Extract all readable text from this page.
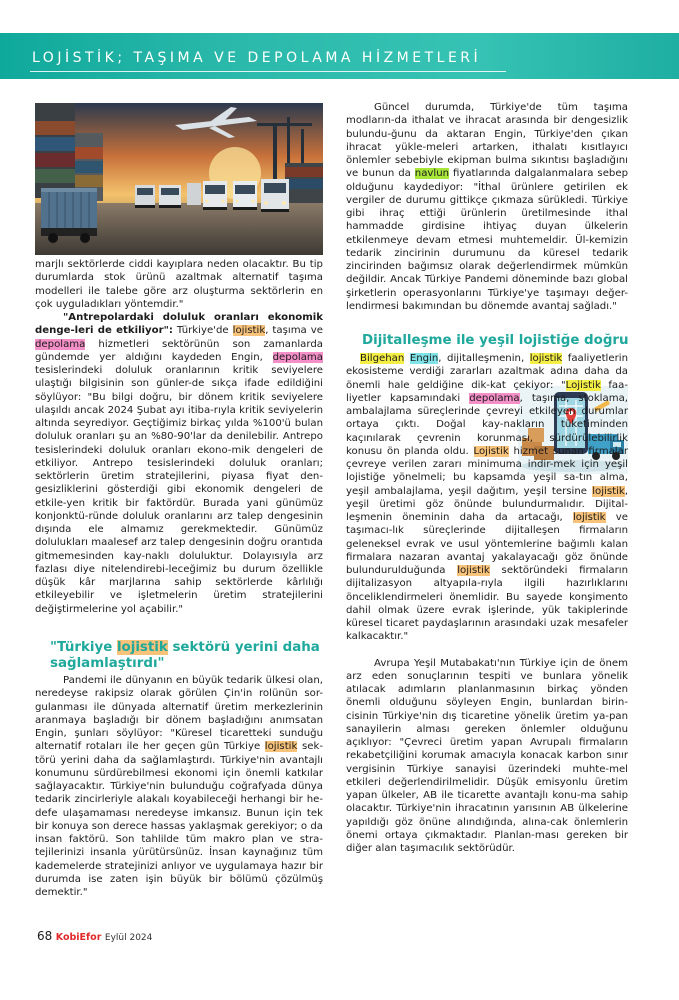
LOJİSTİK; TAŞIMA VE DEPOLAMA HİZMETLERİ

marjlı sektörlerde ciddi kayıplara neden olacaktır. Bu tip durumlarda stok ürünü azaltmak alternatif taşıma modelleri ile talebe göre arz oluşturma sektörlerin en çok uyguladıkları yöntemdir."

"Antrepolardaki doluluk oranları ekonomik denge-leri de etkiliyor": Türkiye'de lojistik, taşıma ve depolama hizmetleri sektörünün son zamanlarda gündemde yer aldığını kaydeden Engin, depolama tesislerindeki doluluk oranlarının kritik seviyelere ulaştığı bilgisinin son günler-de sıkça ifade edildiğini söylüyor: "Bu bilgi doğru, bir dönem kritik seviyelere ulaşıldı ancak 2024 Şubat ayı itiba-rıyla kritik seviyelerin altında seyrediyor. Geçtiğimiz birkaç yılda %100'ü bulan doluluk oranları şu an %80-90'lar da denilebilir. Antrepo tesislerindeki doluluk oranları ekono-mik dengeleri de etkiliyor. Antrepo tesislerindeki doluluk oranları; sektörlerin üretim stratejilerini, piyasa fiyat den-gesizliklerini gösterdiği gibi ekonomik dengeleri de etkile-yen kritik bir faktördür. Burada yani günümüz konjonktü-ründe doluluk oranlarını arz talep dengesinin dışında ele almamız gerekmektedir. Günümüz dolulukları maalesef arz talep dengesinin doğru orantıda gitmemesinden kay-naklı doluluktur. Dolayısıyla arz fazlası diye nitelendirebi-leceğimiz bu durum özellikle düşük kâr marjlarına sahip sektörlerde kârlılığı etkileyebilir ve işletmelerin üretim stratejilerini değiştirmelerine yol açabilir."

"Türkiye lojistik sektörü yerini daha sağlamlaştırdı"

Pandemi ile dünyanın en büyük tedarik ülkesi olan, neredeyse rakipsiz olarak görülen Çin'in rolünün sor-gulanması ile dünyada alternatif üretim merkezlerinin aranmaya başladığı bir dönem başladığını anımsatan Engin, şunları söylüyor: "Küresel ticaretteki sunduğu alternatif rotaları ile her geçen gün Türkiye lojistik sek-törü yerini daha da sağlamlaştırdı. Türkiye'nin avantajlı konumunu sürdürebilmesi ekonomi için önemli katkılar sağlayacaktır. Türkiye'nin bulunduğu coğrafyada dünya tedarik zincirleriyle alakalı koyabileceği herhangi bir he-defe ulaşamaması neredeyse imkansız. Bunun için tek bir konuya son derece hassas yaklaşmak gerekiyor; o da insan faktörü. Son tahlilde tüm makro plan ve stra-tejilerinizi insanla yürütürsünüz. İnsan kaynağınız tüm kademelerde stratejinizi anlıyor ve uygulamaya hazır bir durumda ise zaten işin büyük bir bölümü çözülmüş demektir."

Güncel durumda, Türkiye'de tüm taşıma modların-da ithalat ve ihracat arasında bir dengesizlik bulundu-ğunu da aktaran Engin, Türkiye'den çıkan ihracat yükle-meleri artarken, ithalatı kısıtlayıcı önlemler sebebiyle ekipman bulma sıkıntısı başladığını ve bunun da navlun fiyatlarında dalgalanmalara sebep olduğunu kaydediyor: "İthal ürünlere getirilen ek vergiler de durumu gittikçe çıkmaza sürükledi. Türkiye gibi ihraç ettiği ürünlerin üretilmesinde ithal hammadde girdisine ihtiyaç duyan ülkelerin etkilenmeye devam etmesi muhtemeldir. Ül-kemizin tedarik zincirinin durumunu da küresel tedarik zincirinden bağımsız olarak değerlendirmek mümkün değildir. Ancak Türkiye Pandemi döneminde bazı global şirketlerin operasyonlarını Türkiye'ye taşımayı değer-lendirmesi bakımından bu dönemde avantaj sağladı."

Dijitalleşme ile yeşil lojistiğe doğru

Bilgehan Engin, dijitalleşmenin, lojistik faaliyetlerin ekosisteme verdiği zararları azaltmak adına daha da önemli hale geldiğine dik-kat çekiyor: "Lojistik faa-liyetler kapsamındaki depolama, taşıma, stoklama, ambalajlama süreçlerinde çevreyi etkileyen durumlar ortaya çıktı. Doğal kay-nakların tüketiminden kaçınılarak çevrenin korunması, sürdürülebilirlik konusu ön planda oldu. Lojistik hizmet sunan firmalar çevreye verilen zararı minimuma indir-mek için yeşil lojistiğe yönelmeli; bu kapsamda yeşil sa-tın alma, yeşil ambalajlama, yeşil dağıtım, yeşil tersine lojistik, yeşil üretimi göz önünde bulundurmalıdır. Dijital-leşmenin öneminin daha da artacağı, lojistik ve taşımacı-lık süreçlerinde dijitalleşen firmaların geleneksel evrak ve usul yöntemlerine bağımlı kalan firmalara nazaran avantaj yakalayacağı göz önünde bulundurulduğunda lojistik sektöründeki firmaların dijitalizasyon altyapıla-rıyla ilgili hazırlıklarını önceliklendirmeleri önemlidir. Bu sayede konşimento dahil olmak üzere evrak işlerinde, yük takiplerinde küresel ticaret paydaşlarının arasındaki uzak mesafeler kalkacaktır."

Avrupa Yeşil Mutabakatı'nın Türkiye için de önem arz eden sonuçlarının tespiti ve bunlara yönelik atılacak adımların planlanmasının birkaç yönden önemli olduğunu söyleyen Engin, bunlardan birin-cisinin Türkiye'nin dış ticaretine yönelik üretim ya-pan sanayilerin alması gereken önlemler olduğunu açıklıyor: "Çevreci üretim yapan Avrupalı firmaların rekabetçiliğini korumak amacıyla konacak karbon sınır vergisinin Türkiye sanayisi üzerindeki muhte-mel etkileri değerlendirilmelidir. Düşük emisyonlu üretim yapan ülkeler, AB ile ticarette avantajlı konu-ma sahip olacaktır. Türkiye'nin ihracatının yarısının AB ülkelerine yapıldığı göz önüne alındığında, alına-cak önlemlerin önemi ortaya çıkmaktadır. Planlan-ması gereken bir diğer alan taşımacılık sektörüdür.

68 KobiEfor Eylül 2024
